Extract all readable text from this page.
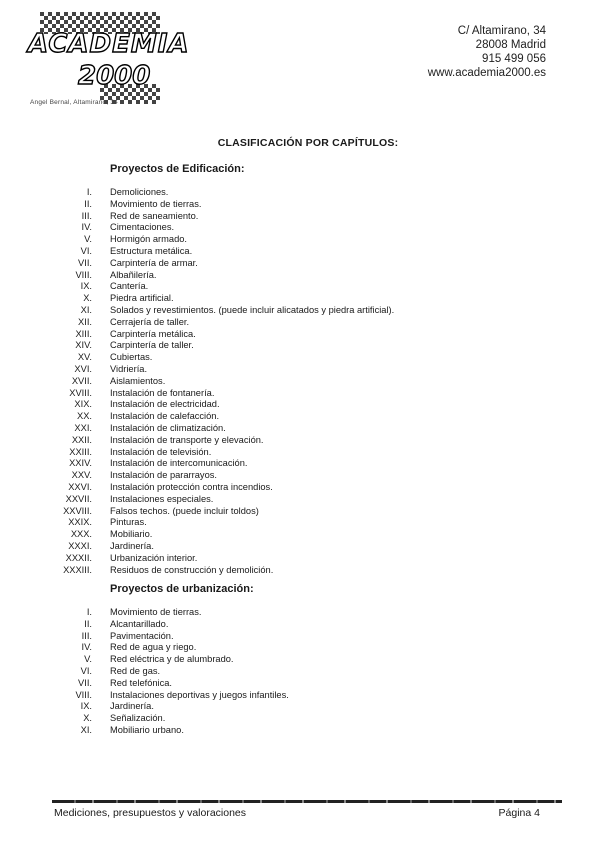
ACADEMIA
2000
Angel Bernal, Altamirano, 34
C/ Altamirano, 34
28008 Madrid
915 499 056
www.academia2000.es
CLASIFICACIÓN POR CAPÍTULOS:
Proyectos de Edificación:
I. Demoliciones.
II. Movimiento de tierras.
III. Red de saneamiento.
IV. Cimentaciones.
V. Hormigón armado.
VI. Estructura metálica.
VII. Carpintería de armar.
VIII. Albañilería.
IX. Cantería.
X. Piedra artificial.
XI. Solados y revestimientos. (puede incluir alicatados y piedra artificial).
XII. Cerrajería de taller.
XIII. Carpintería metálica.
XIV. Carpintería de taller.
XV. Cubiertas.
XVI. Vidriería.
XVII. Aislamientos.
XVIII. Instalación de fontanería.
XIX. Instalación de electricidad.
XX. Instalación de calefacción.
XXI. Instalación de climatización.
XXII. Instalación de transporte y elevación.
XXIII. Instalación de televisión.
XXIV. Instalación de intercomunicación.
XXV. Instalación de pararrayos.
XXVI. Instalación protección contra incendios.
XXVII. Instalaciones especiales.
XXVIII. Falsos techos. (puede incluir toldos)
XXIX. Pinturas.
XXX. Mobiliario.
XXXI. Jardinería.
XXXII. Urbanización interior.
XXXIII. Residuos de construcción y demolición.
Proyectos de urbanización:
I. Movimiento de tierras.
II. Alcantarillado.
III. Pavimentación.
IV. Red de agua y riego.
V. Red eléctrica y de alumbrado.
VI. Red de gas.
VII. Red telefónica.
VIII. Instalaciones deportivas y juegos infantiles.
IX. Jardinería.
X. Señalización.
XI. Mobiliario urbano.
Mediciones, presupuestos y valoraciones	Página 4
